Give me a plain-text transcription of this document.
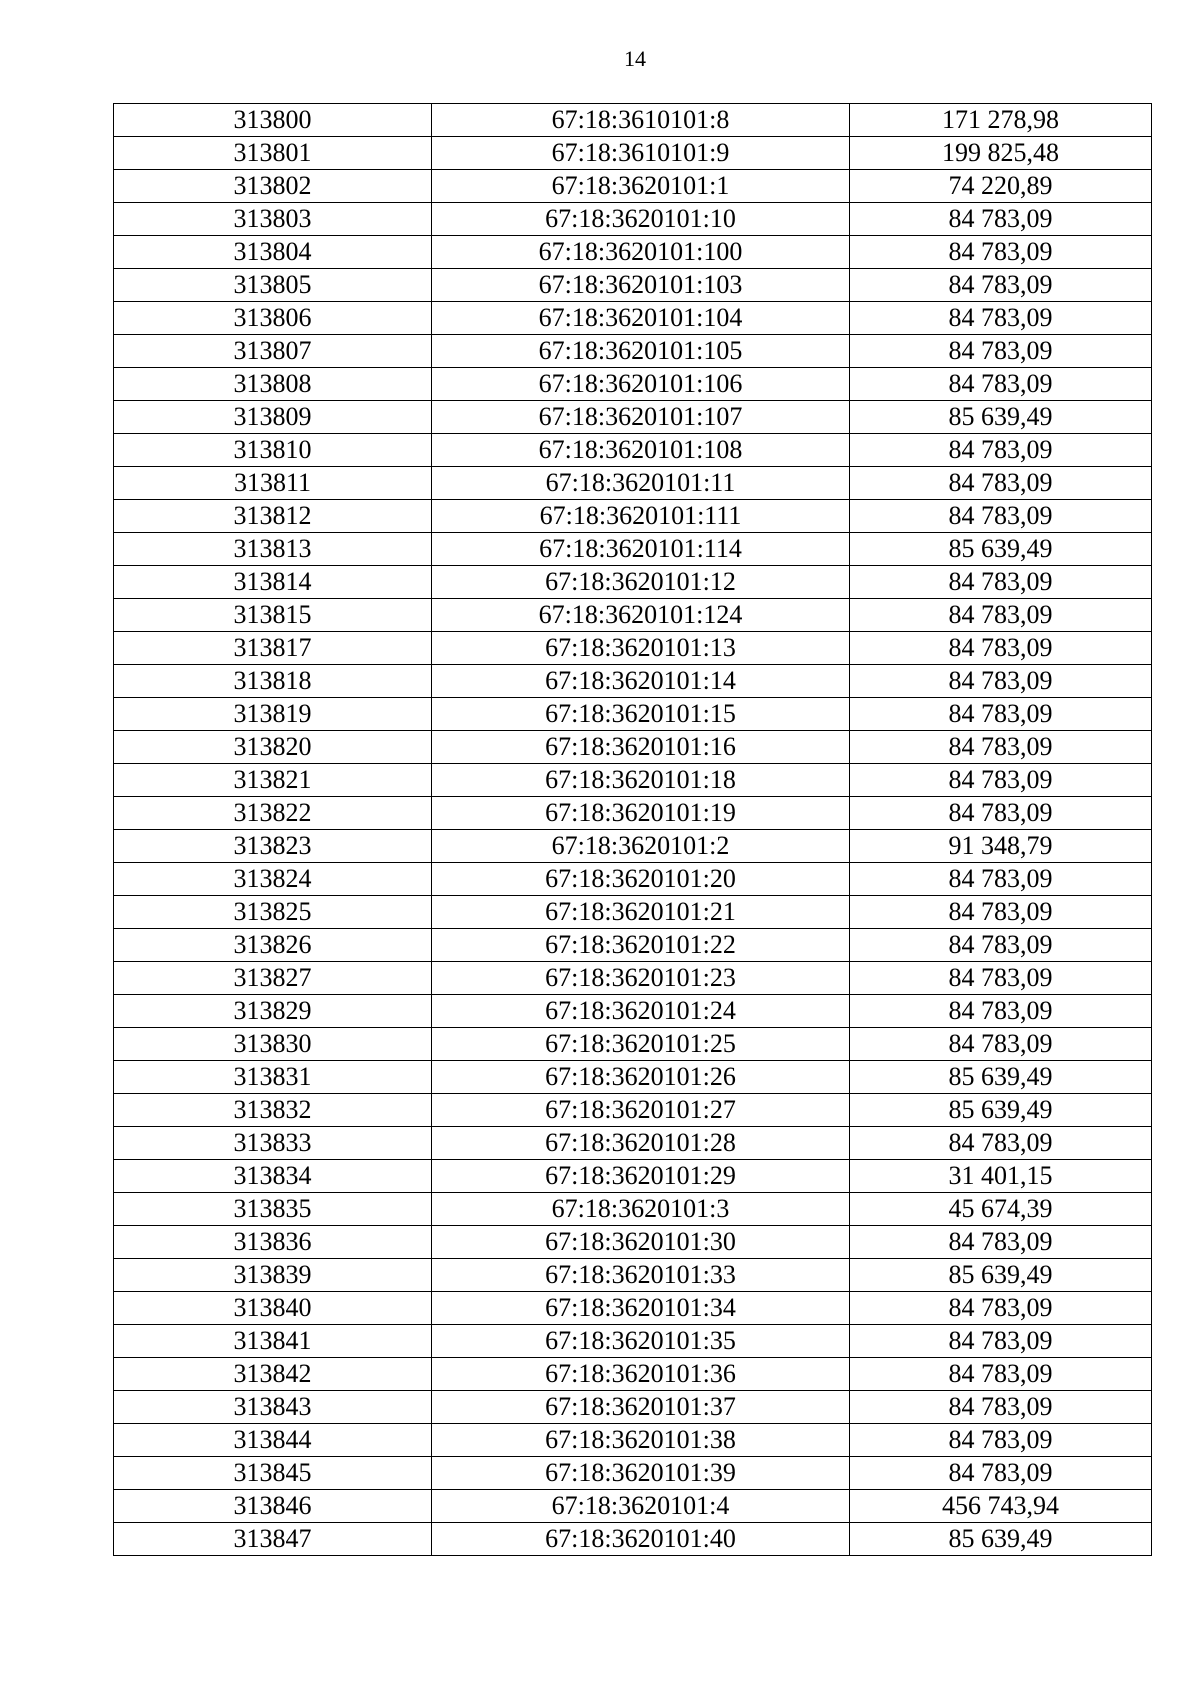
14
313800	67:18:3610101:8	171 278,98
313801	67:18:3610101:9	199 825,48
313802	67:18:3620101:1	74 220,89
313803	67:18:3620101:10	84 783,09
313804	67:18:3620101:100	84 783,09
313805	67:18:3620101:103	84 783,09
313806	67:18:3620101:104	84 783,09
313807	67:18:3620101:105	84 783,09
313808	67:18:3620101:106	84 783,09
313809	67:18:3620101:107	85 639,49
313810	67:18:3620101:108	84 783,09
313811	67:18:3620101:11	84 783,09
313812	67:18:3620101:111	84 783,09
313813	67:18:3620101:114	85 639,49
313814	67:18:3620101:12	84 783,09
313815	67:18:3620101:124	84 783,09
313817	67:18:3620101:13	84 783,09
313818	67:18:3620101:14	84 783,09
313819	67:18:3620101:15	84 783,09
313820	67:18:3620101:16	84 783,09
313821	67:18:3620101:18	84 783,09
313822	67:18:3620101:19	84 783,09
313823	67:18:3620101:2	91 348,79
313824	67:18:3620101:20	84 783,09
313825	67:18:3620101:21	84 783,09
313826	67:18:3620101:22	84 783,09
313827	67:18:3620101:23	84 783,09
313829	67:18:3620101:24	84 783,09
313830	67:18:3620101:25	84 783,09
313831	67:18:3620101:26	85 639,49
313832	67:18:3620101:27	85 639,49
313833	67:18:3620101:28	84 783,09
313834	67:18:3620101:29	31 401,15
313835	67:18:3620101:3	45 674,39
313836	67:18:3620101:30	84 783,09
313839	67:18:3620101:33	85 639,49
313840	67:18:3620101:34	84 783,09
313841	67:18:3620101:35	84 783,09
313842	67:18:3620101:36	84 783,09
313843	67:18:3620101:37	84 783,09
313844	67:18:3620101:38	84 783,09
313845	67:18:3620101:39	84 783,09
313846	67:18:3620101:4	456 743,94
313847	67:18:3620101:40	85 639,49
